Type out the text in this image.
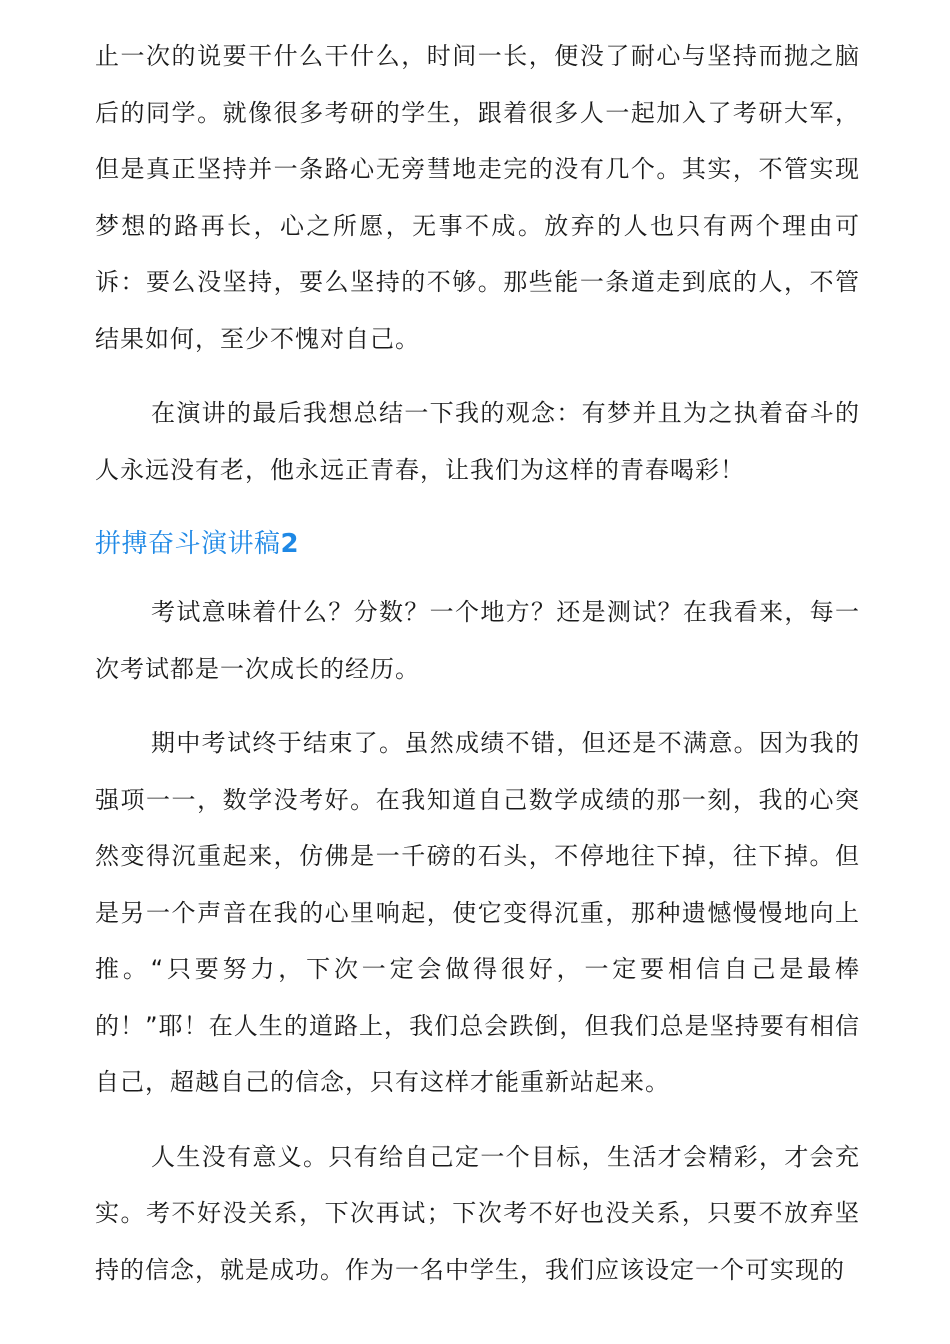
止一次的说要干什么干什么，时间一长，便没了耐心与坚持而抛之脑后的同学。就像很多考研的学生，跟着很多人一起加入了考研大军，但是真正坚持并一条路心无旁彗地走完的没有几个。其实，不管实现梦想的路再长，心之所愿，无事不成。放弃的人也只有两个理由可诉：要么没坚持，要么坚持的不够。那些能一条道走到底的人，不管结果如何，至少不愧对自己。

在演讲的最后我想总结一下我的观念：有梦并且为之执着奋斗的人永远没有老，他永远正青春，让我们为这样的青春喝彩！

拼搏奋斗演讲稿2

考试意味着什么？分数？一个地方？还是测试？在我看来，每一次考试都是一次成长的经历。

期中考试终于结束了。虽然成绩不错，但还是不满意。因为我的强项一一，数学没考好。在我知道自己数学成绩的那一刻，我的心突然变得沉重起来，仿佛是一千磅的石头，不停地往下掉，往下掉。但是另一个声音在我的心里响起，使它变得沉重，那种遗憾慢慢地向上推。“只要努力，下次一定会做得很好，一定要相信自己是最棒的！”耶！在人生的道路上，我们总会跌倒，但我们总是坚持要有相信自己，超越自己的信念，只有这样才能重新站起来。

人生没有意义。只有给自己定一个目标，生活才会精彩，才会充实。考不好没关系，下次再试；下次考不好也没关系，只要不放弃坚持的信念，就是成功。作为一名中学生，我们应该设定一个可实现的
